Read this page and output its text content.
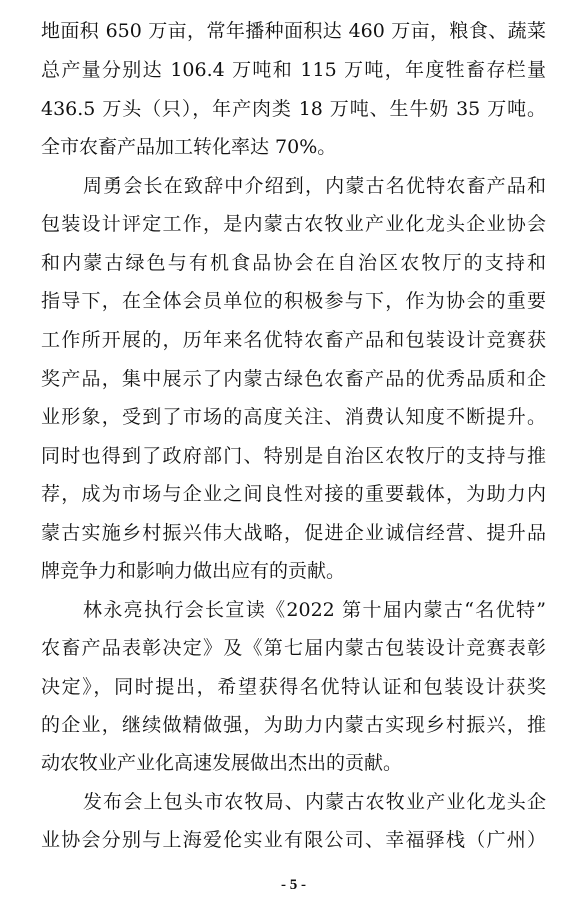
地面积 650 万亩，常年播种面积达 460 万亩，粮食、蔬菜
总产量分别达 106.4 万吨和 115 万吨，年度牲畜存栏量
436.5 万头（只），年产肉类 18 万吨、生牛奶 35 万吨。
全市农畜产品加工转化率达 70%。
周勇会长在致辞中介绍到，内蒙古名优特农畜产品和
包装设计评定工作，是内蒙古农牧业产业化龙头企业协会
和内蒙古绿色与有机食品协会在自治区农牧厅的支持和
指导下，在全体会员单位的积极参与下，作为协会的重要
工作所开展的，历年来名优特农畜产品和包装设计竞赛获
奖产品，集中展示了内蒙古绿色农畜产品的优秀品质和企
业形象，受到了市场的高度关注、消费认知度不断提升。
同时也得到了政府部门、特别是自治区农牧厅的支持与推
荐，成为市场与企业之间良性对接的重要载体，为助力内
蒙古实施乡村振兴伟大战略，促进企业诚信经营、提升品
牌竞争力和影响力做出应有的贡献。
林永亮执行会长宣读《2022 第十届内蒙古“名优特”
农畜产品表彰决定》及《第七届内蒙古包装设计竞赛表彰
决定》，同时提出，希望获得名优特认证和包装设计获奖
的企业，继续做精做强，为助力内蒙古实现乡村振兴，推
动农牧业产业化高速发展做出杰出的贡献。
发布会上包头市农牧局、内蒙古农牧业产业化龙头企
业协会分别与上海爱伦实业有限公司、幸福驿栈（广州）
- 5 -
